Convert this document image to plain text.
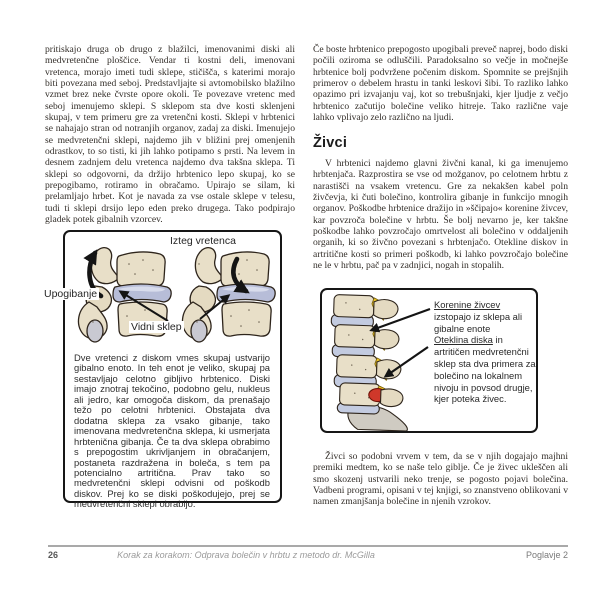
pritiskajo druga ob drugo z blažilci, imenovanimi diski ali medvretenčne ploščice. Vendar ti kostni deli, imenovani vretenca, morajo imeti tudi sklepe, stičišča, s katerimi morajo biti povezana med seboj. Predstavljajte si avtomobilsko blažilno vzmet brez neke čvrste opore okoli. Te povezave vretenc med seboj imenujemo sklepi. S sklepom sta dve kosti sklenjeni skupaj, v tem primeru gre za vretenčni kosti. Sklepi v hrbtenici se nahajajo stran od notranjih organov, zadaj za diski. Imenujejo se medvretenčni sklepi, najdemo jih v bližini prej omenjenih odrastkov, to so tisti, ki jih lahko potipamo s prsti. Na levem in desnem zadnjem delu vretenca najdemo dva takšna sklepa. Ti sklepi so odgovorni, da držijo hrbtenico lepo skupaj, ko se prepogibamo, rotiramo in obračamo. Upirajo se silam, ki prelamljajo hrbet. Kot je navada za vse ostale sklepe v telesu, tudi ti sklepi drsijo lepo eden preko drugega. Tako podpirajo gladek potek gibalnih vzorcev.
Če boste hrbtenico prepogosto upogibali preveč naprej, bodo diski počili oziroma se odluščili. Paradoksalno so večje in močnejše hrbtenice bolj podvržene počenim diskom. Spomnite se prejšnjih primerov o debelem hrastu in tanki leskovi šibi. To razliko lahko opazimo pri izvajanju vaj, kot so trebušnjaki, kjer ljudje z večjo hrbtenico začutijo bolečine veliko hitreje. Tako različne vaje lahko vplivajo zelo različno na ljudi.
Živci
V hrbtenici najdemo glavni živčni kanal, ki ga imenujemo hrbtenjača. Razprostira se vse od možganov, po celotnem hrbtu z narastišči na vsakem vretencu. Gre za nekakšen kabel poln živčevja, ki čuti bolečino, kontrolira gibanje in funkcijo mnogih organov. Poškodbe hrbtenice dražijo in »ščipajo« korenine živcev, kar povzroča bolečine v hrbtu. Še bolj nevarno je, ker takšne poškodbe lahko povzročajo omrtvelost ali bolečino v oddaljenih organih, ki so živčno povezani s hrbtenjačo. Otekline diskov in artritične kosti so primeri poškodb, ki lahko povzročajo bolečine ne le v hrbtu, pač pa v zadnjici, nogah in stopalih.
Dve vretenci z diskom vmes skupaj ustvarijo gibalno enoto. In teh enot je veliko, skupaj pa sestavljajo celotno gibljivo hrbtenico. Diski imajo znotraj tekočino, podobno gelu, nukleus ali jedro, kar omogoča diskom, da prenašajo težo po celotni hrbtenici. Obstajata dva dodatna sklepa za vsako gibanje, tako imenovana medvretenčna sklepa, ki usmerjata hrbtenična gibanja. Če ta dva sklepa obrabimo s prepogostim ukrivljanjem in obračanjem, postaneta razdražena in boleča, s tem pa potencialno artritična. Prav tako so medvretenčni sklepi odvisni od poškodb diskov. Prej ko se diski poškodujejo, prej se medvretenčni sklepi obrabijo.
Izteg vretenca
Upogibanje
Vidni sklep
Korenine živcev izstopajo iz sklepa ali gibalne enote
Oteklina diska in artritičen medvretenčni sklep sta dva primera za bolečino na lokalnem nivoju in povsod drugje, kjer poteka živec.
Živci so podobni vrvem v tem, da se v njih dogajajo majhni premiki medtem, ko se naše telo giblje. Če je živec ukleščen ali smo skozenj ustvarili neko trenje, se pogosto pojavi bolečina. Vadbeni programi, opisani v tej knjigi, so znanstveno oblikovani v namen zmanjšanja bolečine in njenih vzrokov.
26	Korak za korakom: Odprava bolečin v hrbtu z metodo dr. McGilla	Poglavje 2
